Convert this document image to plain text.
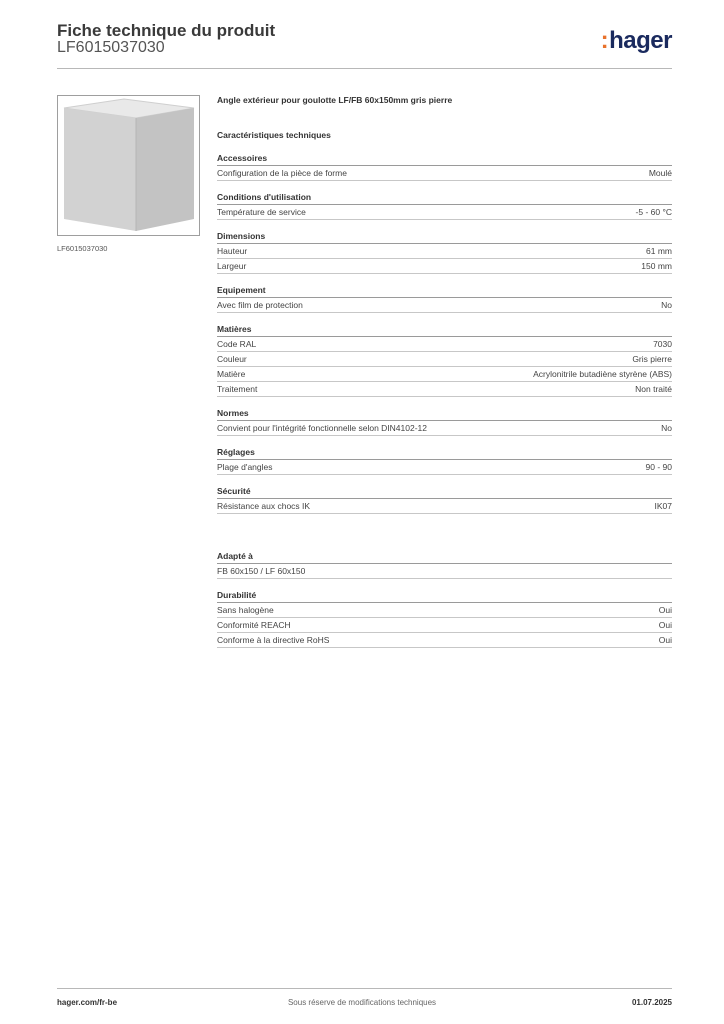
Fiche technique du produit
LF6015037030	:hager
LF6015037030
Angle extérieur pour goulotte LF/FB 60x150mm gris pierre
Caractéristiques techniques
Accessoires
Configuration de la pièce de forme	Moulé
Conditions d'utilisation
Température de service	-5 - 60 °C
Dimensions
Hauteur	61 mm
Largeur	150 mm
Equipement
Avec film de protection	No
Matières
Code RAL	7030
Couleur	Gris pierre
Matière	Acrylonitrile butadiène styrène (ABS)
Traitement	Non traité
Normes
Convient pour l'intégrité fonctionnelle selon DIN4102-12	No
Réglages
Plage d'angles	90 - 90
Sécurité
Résistance aux chocs IK	IK07
Adapté à
FB 60x150 / LF 60x150
Durabilité
Sans halogène	Oui
Conformité REACH	Oui
Conforme à la directive RoHS	Oui
hager.com/fr-be	Sous réserve de modifications techniques	01.07.2025
